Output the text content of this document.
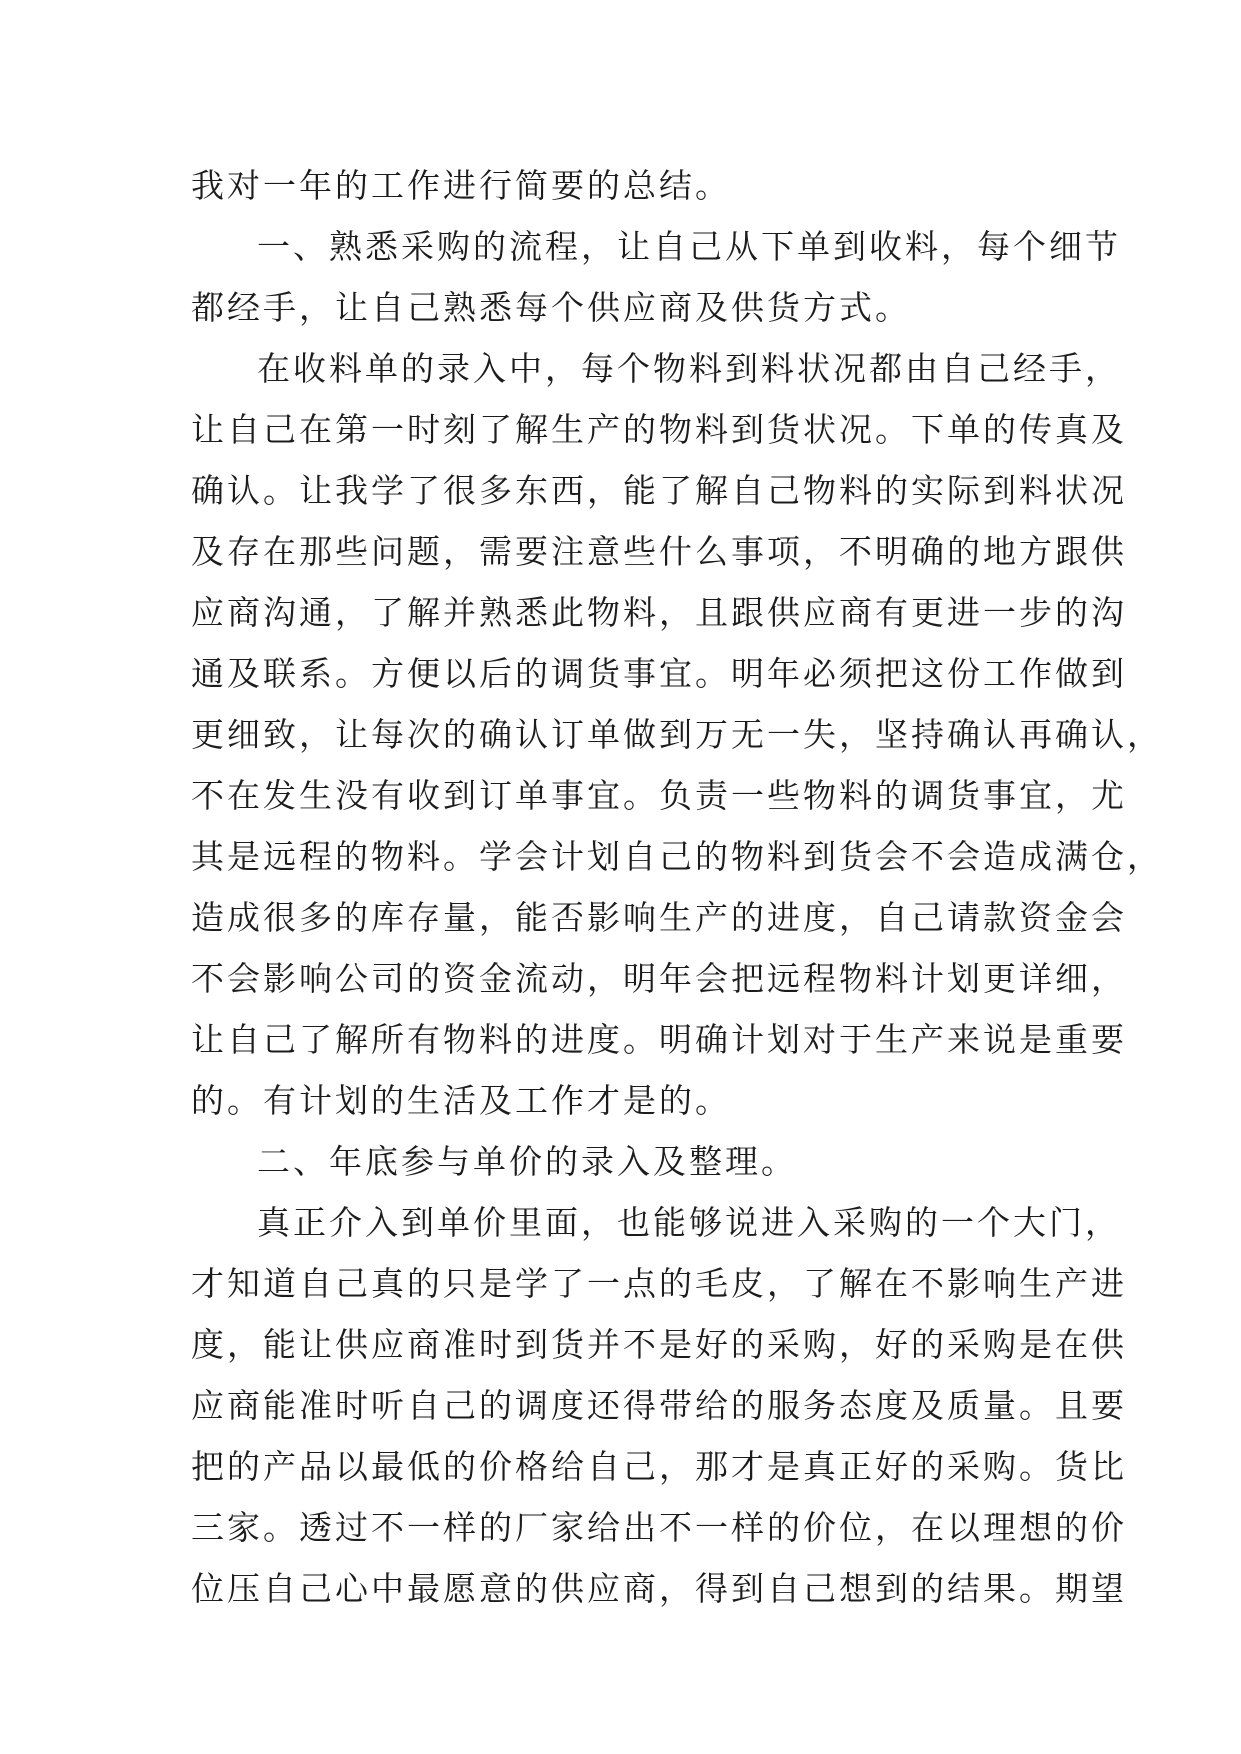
我对一年的工作进行简要的总结。
一、熟悉采购的流程，让自己从下单到收料，每个细节
都经手，让自己熟悉每个供应商及供货方式。
在收料单的录入中，每个物料到料状况都由自己经手，
让自己在第一时刻了解生产的物料到货状况。下单的传真及
确认。让我学了很多东西，能了解自己物料的实际到料状况
及存在那些问题，需要注意些什么事项，不明确的地方跟供
应商沟通，了解并熟悉此物料，且跟供应商有更进一步的沟
通及联系。方便以后的调货事宜。明年必须把这份工作做到
更细致，让每次的确认订单做到万无一失，坚持确认再确认，
不在发生没有收到订单事宜。负责一些物料的调货事宜，尤
其是远程的物料。学会计划自己的物料到货会不会造成满仓，
造成很多的库存量，能否影响生产的进度，自己请款资金会
不会影响公司的资金流动，明年会把远程物料计划更详细，
让自己了解所有物料的进度。明确计划对于生产来说是重要
的。有计划的生活及工作才是的。
二、年底参与单价的录入及整理。
真正介入到单价里面，也能够说进入采购的一个大门，
才知道自己真的只是学了一点的毛皮，了解在不影响生产进
度，能让供应商准时到货并不是好的采购，好的采购是在供
应商能准时听自己的调度还得带给的服务态度及质量。且要
把的产品以最低的价格给自己，那才是真正好的采购。货比
三家。透过不一样的厂家给出不一样的价位，在以理想的价
位压自己心中最愿意的供应商，得到自己想到的结果。期望
